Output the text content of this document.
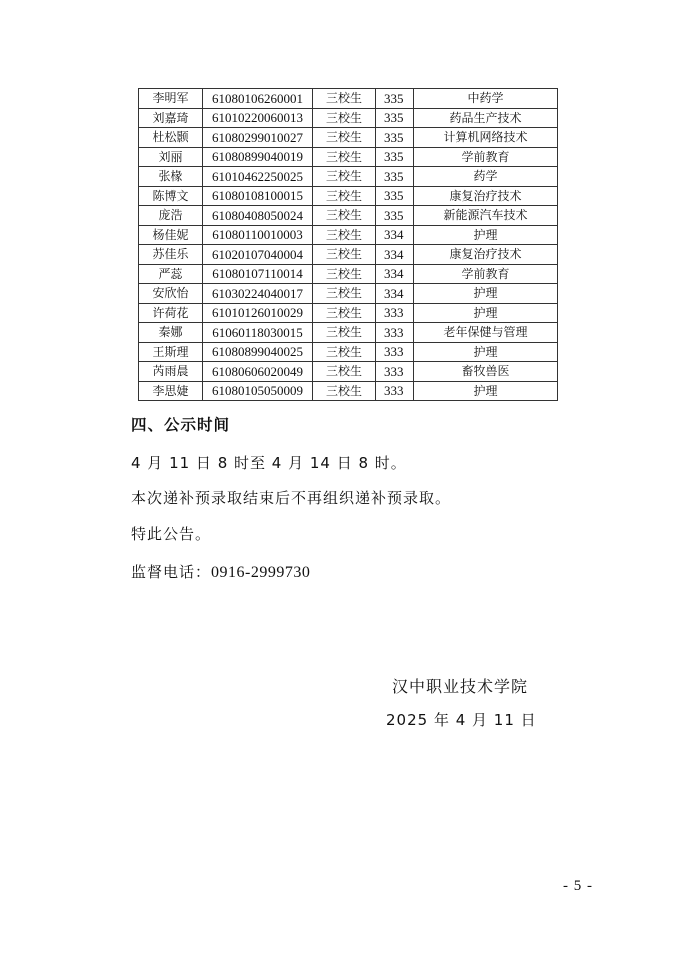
李明军	61080106260001	三校生	335	中药学
刘嘉琦	61010220060013	三校生	335	药品生产技术
杜松颢	61080299010027	三校生	335	计算机网络技术
刘丽	61080899040019	三校生	335	学前教育
张椽	61010462250025	三校生	335	药学
陈博文	61080108100015	三校生	335	康复治疗技术
庞浩	61080408050024	三校生	335	新能源汽车技术
杨佳妮	61080110010003	三校生	334	护理
苏佳乐	61020107040004	三校生	334	康复治疗技术
严蕊	61080107110014	三校生	334	学前教育
安欣怡	61030224040017	三校生	334	护理
许荷花	61010126010029	三校生	333	护理
秦娜	61060118030015	三校生	333	老年保健与管理
王斯理	61080899040025	三校生	333	护理
芮雨晨	61080606020049	三校生	333	畜牧兽医
李思婕	61080105050009	三校生	333	护理
四、公示时间
4 月 11 日 8 时至 4 月 14 日 8 时。
本次递补预录取结束后不再组织递补预录取。
特此公告。
监督电话：0916-2999730
汉中职业技术学院
2025 年 4 月 11 日
- 5 -
